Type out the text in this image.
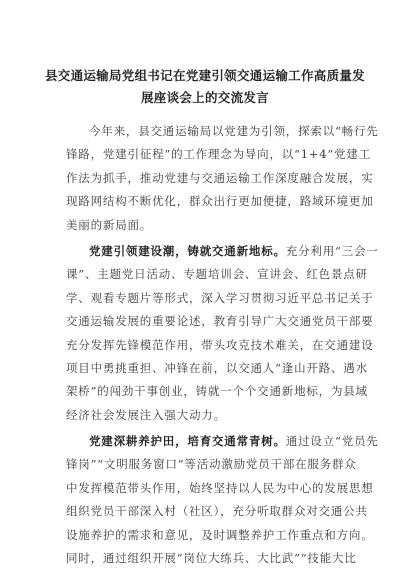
县交通运输局党组书记在党建引领交通运输工作高质量发
展座谈会上的交流发言
今年来，县交通运输局以党建为引领，探索以“畅行先
锋路，党建引征程”的工作理念为导向，以“1+4”党建工
作法为抓手，推动党建与交通运输工作深度融合发展，实
现路网结构不断优化，群众出行更加便捷，路域环境更加
美丽的新局面。
党建引领建设潮，铸就交通新地标。充分利用“三会一
课”、主题党日活动、专题培训会、宣讲会、红色景点研
学、观看专题片等形式，深入学习贯彻习近平总书记关于
交通运输发展的重要论述，教育引导广大交通党员干部要
充分发挥先锋模范作用，带头攻克技术难关，在交通建设
项目中勇挑重担、冲锋在前，以交通人“逢山开路、遇水
架桥”的闯劲干事创业，铸就一个个交通新地标，为县域
经济社会发展注入强大动力。
党建深耕养护田，培育交通常青树。通过设立“党员先
锋岗”“文明服务窗口”等活动激励党员干部在服务群众
中发挥模范带头作用，始终坚持以人民为中心的发展思想
组织党员干部深入村（社区），充分听取群众对交通公共
设施养护的需求和意见，及时调整养护工作重点和方向。
同时，通过组织开展“岗位大练兵、大比武”“技能大比
